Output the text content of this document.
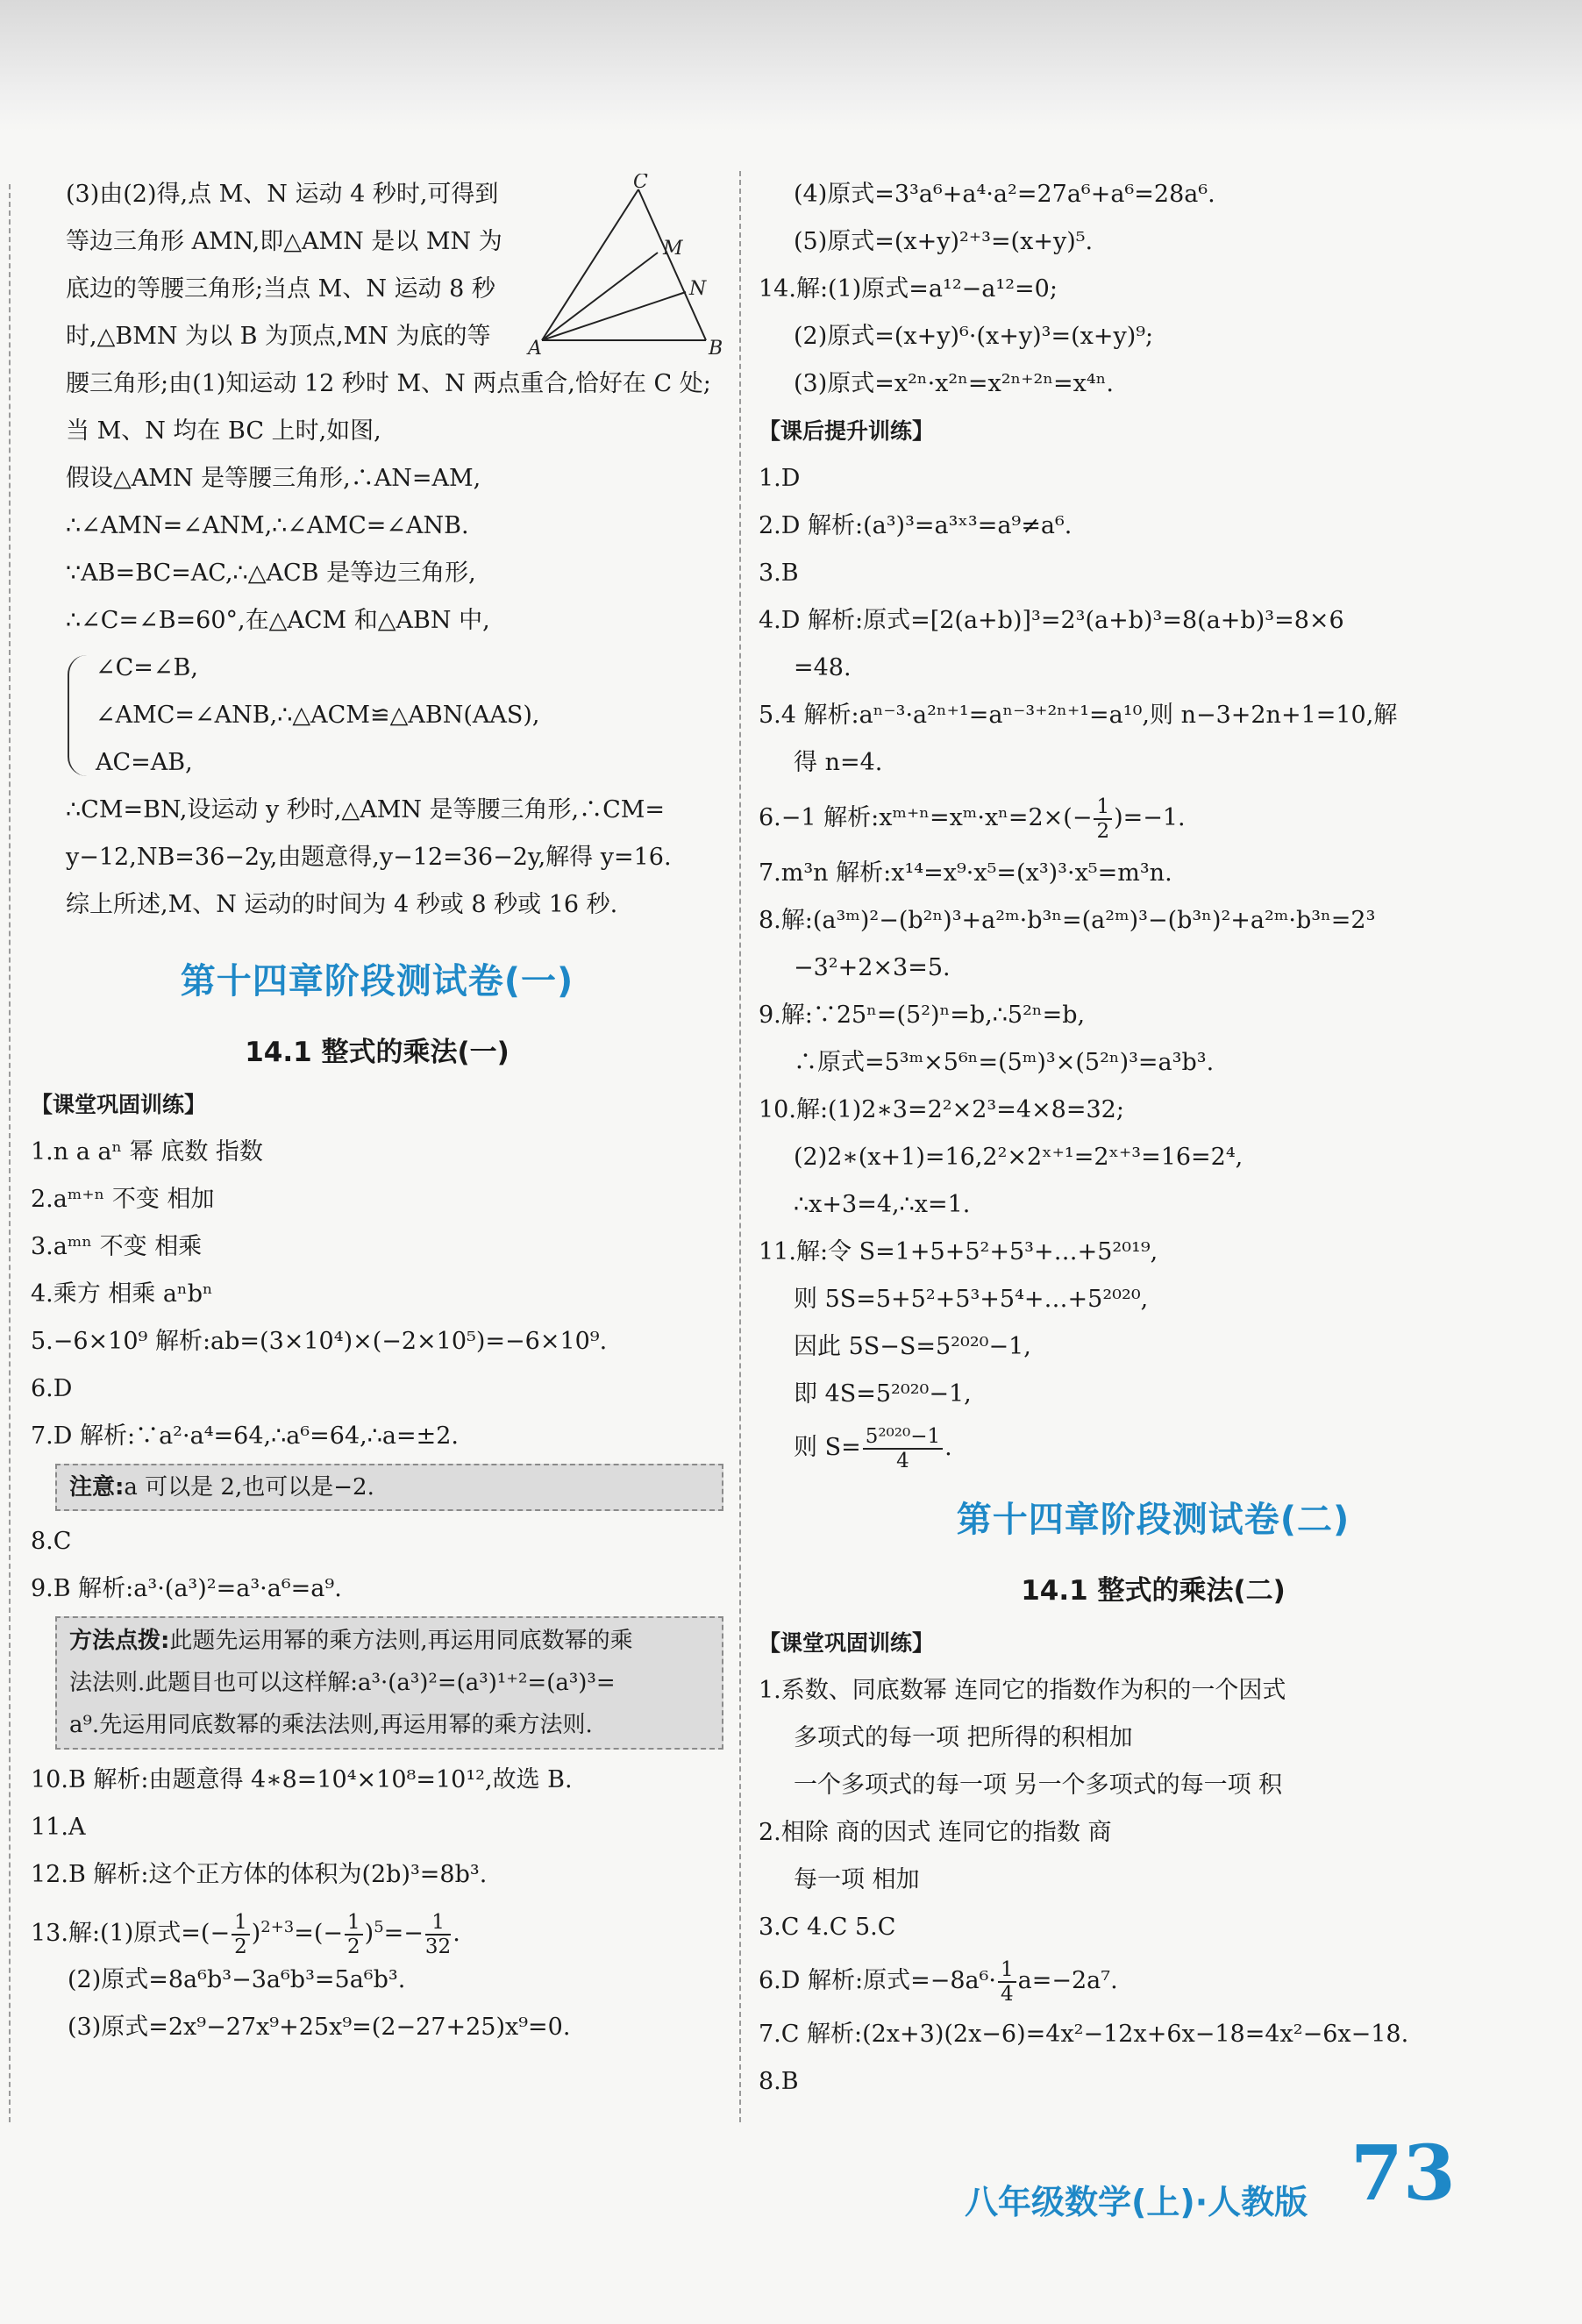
(3)由(2)得,点 M、N 运动 4 秒时,可得到
等边三角形 AMN,即△AMN 是以 MN 为
底边的等腰三角形;当点 M、N 运动 8 秒
时,△BMN 为以 B 为顶点,MN 为底的等
腰三角形;由(1)知运动 12 秒时 M、N 两点重合,恰好在 C 处;
当 M、N 均在 BC 上时,如图,
假设△AMN 是等腰三角形,∴AN=AM,
∴∠AMN=∠ANM,∴∠AMC=∠ANB.
∵AB=BC=AC,∴△ACB 是等边三角形,
∴∠C=∠B=60°,在△ACM 和△ABN 中,
∠C=∠B,
∠AMC=∠ANB,∴△ACM≌△ABN(AAS),
AC=AB,
∴CM=BN,设运动 y 秒时,△AMN 是等腰三角形,∴CM=
y−12,NB=36−2y,由题意得,y−12=36−2y,解得 y=16.
综上所述,M、N 运动的时间为 4 秒或 8 秒或 16 秒.
第十四章阶段测试卷(一)
14.1 整式的乘法(一)
【课堂巩固训练】
1.n a aⁿ 幂 底数 指数
2.aᵐ⁺ⁿ 不变 相加
3.aᵐⁿ 不变 相乘
4.乘方 相乘 aⁿbⁿ
5.−6×10⁹ 解析:ab=(3×10⁴)×(−2×10⁵)=−6×10⁹.
6.D
7.D 解析:∵a²·a⁴=64,∴a⁶=64,∴a=±2.
注意:a 可以是 2,也可以是−2.
8.C
9.B 解析:a³·(a³)²=a³·a⁶=a⁹.
方法点拨:此题先运用幂的乘方法则,再运用同底数幂的乘
法法则.此题目也可以这样解:a³·(a³)²=(a³)¹⁺²=(a³)³=
a⁹.先运用同底数幂的乘法法则,再运用幂的乘方法则.
10.B 解析:由题意得 4∗8=10⁴×10⁸=10¹²,故选 B.
11.A
12.B 解析:这个正方体的体积为(2b)³=8b³.
13.解:(1)原式=(− $\frac{1}{2} )^{2+3}=(- \frac{1}{2} )^5=- \frac{1}{32}$ .
(2)原式=8a⁶b³−3a⁶b³=5a⁶b³.
(3)原式=2x⁹−27x⁹+25x⁹=(2−27+25)x⁹=0.
C
M
N
A	B
(4)原式=3³a⁶+a⁴·a²=27a⁶+a⁶=28a⁶.
(5)原式=(x+y)²⁺³=(x+y)⁵.
14.解:(1)原式=a¹²−a¹²=0;
(2)原式=(x+y)⁶·(x+y)³=(x+y)⁹;
(3)原式=x²ⁿ·x²ⁿ=x²ⁿ⁺²ⁿ=x⁴ⁿ.
【课后提升训练】
1.D
2.D 解析:(a³)³=a³ˣ³=a⁹≠a⁶.
3.B
4.D 解析:原式=[2(a+b)]³=2³(a+b)³=8(a+b)³=8×6
=48.
5.4 解析:aⁿ⁻³·a²ⁿ⁺¹=aⁿ⁻³⁺²ⁿ⁺¹=a¹⁰,则 n−3+2n+1=10,解
得 n=4.
6.−1 解析:xᵐ⁺ⁿ=xᵐ·xⁿ=2×(− $\frac{1}{2} )=-1$.
7.m³n 解析:x¹⁴=x⁹·x⁵=(x³)³·x⁵=m³n.
8.解:(a³ᵐ)²−(b²ⁿ)³+a²ᵐ·b³ⁿ=(a²ᵐ)³−(b³ⁿ)²+a²ᵐ·b³ⁿ=2³
−3²+2×3=5.
9.解:∵25ⁿ=(5²)ⁿ=b,∴5²ⁿ=b,
∴原式=5³ᵐ×5⁶ⁿ=(5ᵐ)³×(5²ⁿ)³=a³b³.
10.解:(1)2∗3=2²×2³=4×8=32;
(2)2∗(x+1)=16,2²×2ˣ⁺¹=2ˣ⁺³=16=2⁴,
∴x+3=4,∴x=1.
11.解:令 S=1+5+5²+5³+…+5²⁰¹⁹,
则 5S=5+5²+5³+5⁴+…+5²⁰²⁰,
因此 5S−S=5²⁰²⁰−1,
即 4S=5²⁰²⁰−1,
则 $S= \frac{\text{5²⁰²⁰−1}}{4}$ .
第十四章阶段测试卷(二)
14.1 整式的乘法(二)
【课堂巩固训练】
1.系数、同底数幂 连同它的指数作为积的一个因式
多项式的每一项 把所得的积相加
一个多项式的每一项 另一个多项式的每一项 积
2.相除 商的因式 连同它的指数 商
每一项 相加
3.C 4.C 5.C
6.D 解析:原式$=-8a^6\cdot \frac{1}{4} a=-2a^7$.
7.C 解析:(2x+3)(2x−6)=4x²−12x+6x−18=4x²−6x−18.
8.B
八年级数学(上)·人教版 73
